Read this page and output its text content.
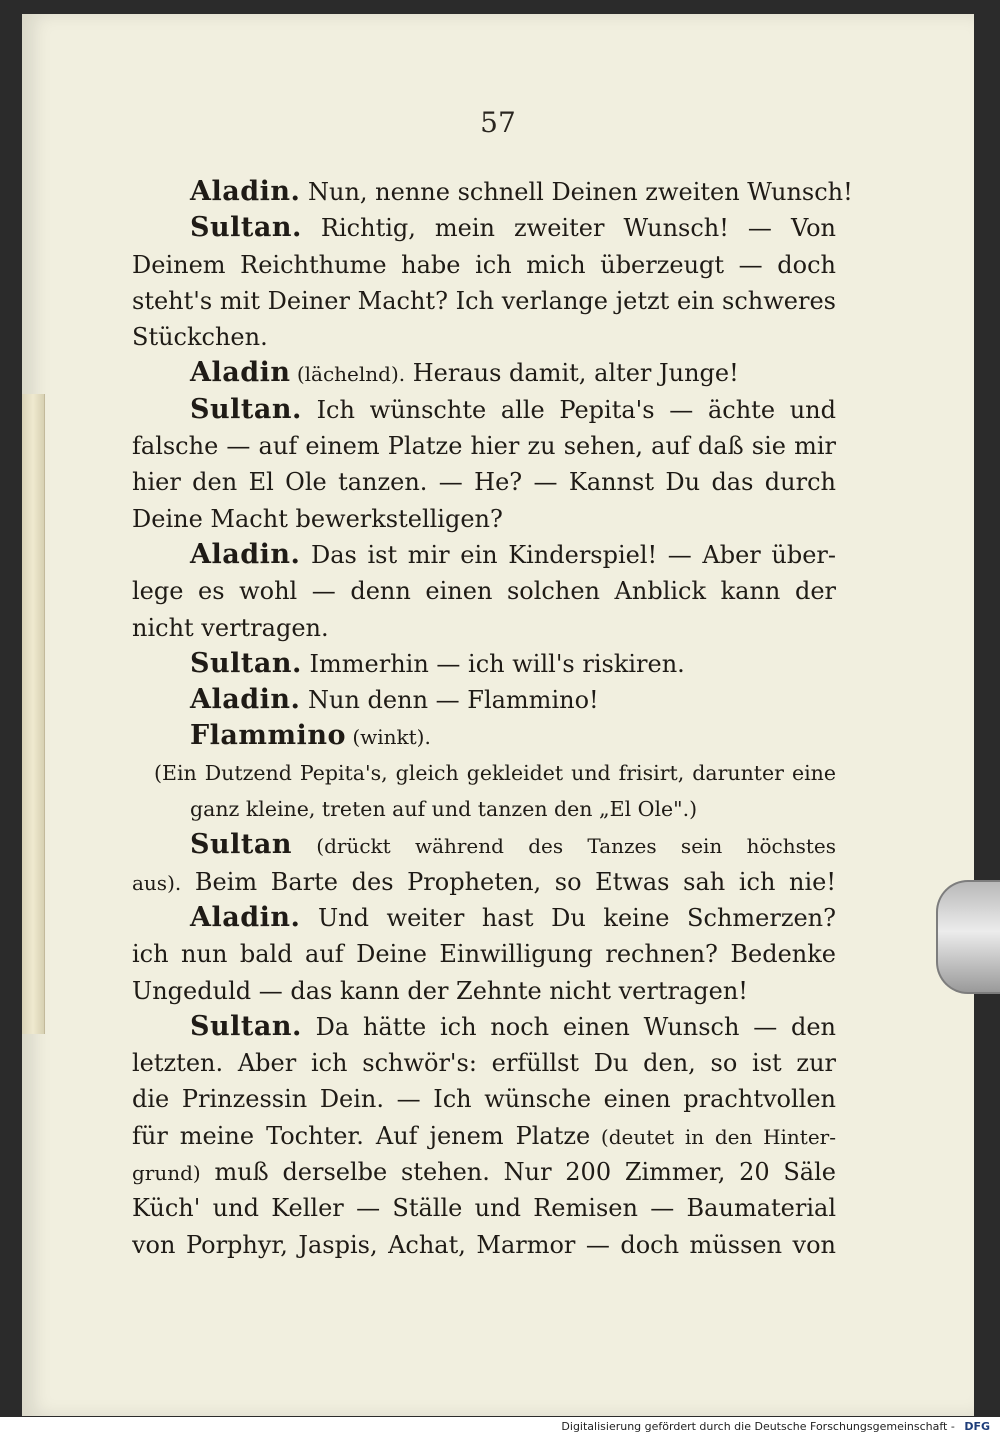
57
Aladin. Nun, nenne schnell Deinen zweiten Wunsch!
Sultan. Richtig, mein zweiter Wunsch! — Von
Deinem Reichthume habe ich mich überzeugt — doch
steht's mit Deiner Macht? Ich verlange jetzt ein schweres
Stückchen.
Aladin (lächelnd). Heraus damit, alter Junge!
Sultan. Ich wünschte alle Pepita's — ächte und
falsche — auf einem Platze hier zu sehen, auf daß sie mir
hier den El Ole tanzen. — He? — Kannst Du das durch
Deine Macht bewerkstelligen?
Aladin. Das ist mir ein Kinderspiel! — Aber über-
lege es wohl — denn einen solchen Anblick kann der
nicht vertragen.
Sultan. Immerhin — ich will's riskiren.
Aladin. Nun denn — Flammino!
Flammino (winkt).
(Ein Dutzend Pepita's, gleich gekleidet und frisirt, darunter eine
ganz kleine, treten auf und tanzen den „El Ole".)
Sultan (drückt während des Tanzes sein höchstes
aus). Beim Barte des Propheten, so Etwas sah ich nie!
Aladin. Und weiter hast Du keine Schmerzen?
ich nun bald auf Deine Einwilligung rechnen? Bedenke
Ungeduld — das kann der Zehnte nicht vertragen!
Sultan. Da hätte ich noch einen Wunsch — den
letzten. Aber ich schwör's: erfüllst Du den, so ist zur
die Prinzessin Dein. — Ich wünsche einen prachtvollen
für meine Tochter. Auf jenem Platze (deutet in den Hinter-
grund) muß derselbe stehen. Nur 200 Zimmer, 20 Säle
Küch' und Keller — Ställe und Remisen — Baumaterial
von Porphyr, Jaspis, Achat, Marmor — doch müssen von
Digitalisierung gefördert durch die Deutsche Forschungsgemeinschaft - DFG
